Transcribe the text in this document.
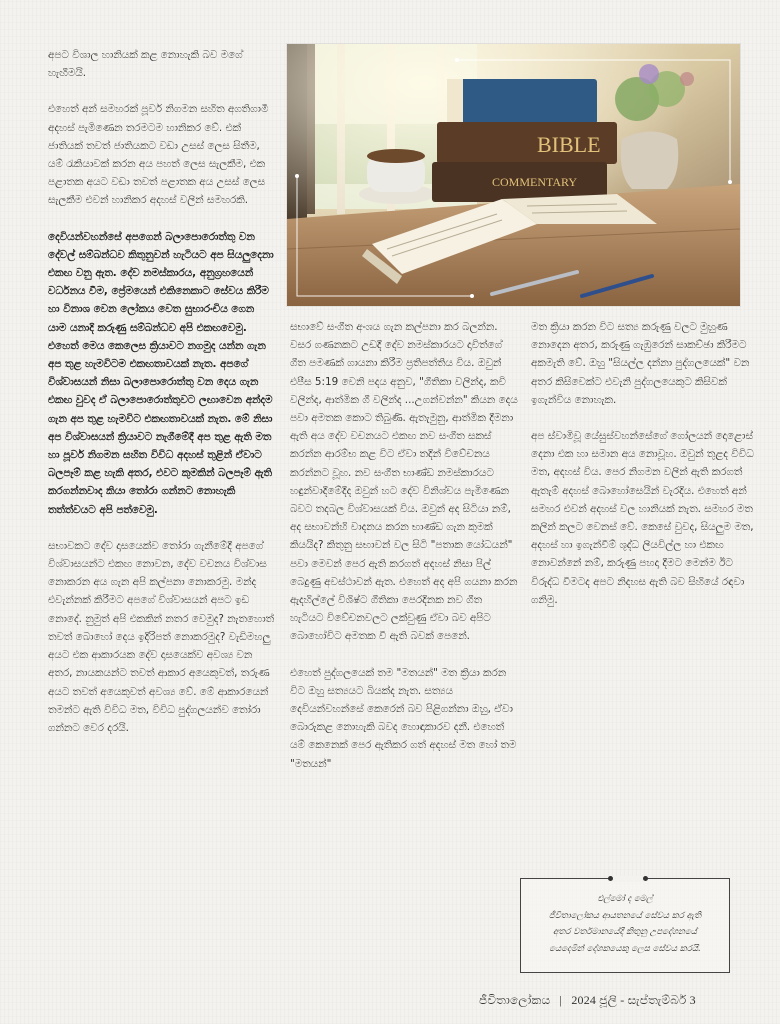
අපට විශාල හානියක් කළ නොහැකි බව මගේ හැඟීමයි.

එහෙත් අන් සමහරක් පූර්ව නිගමන සහිත අගතිගාමී අදහස් පැමිණෙන තරමටම හානිකර වේ. එක් ජාතියක් තවත් ජාතියකට වඩා උසස් ලෙස සිතීම, යම් රැකියාවක් කරන අය පහත් ලෙස සැලකීම, එක පළාතක අයට වඩා තවත් පළාතක අය උසස් ලෙස සැලකීම එවන් හානිකර අදහස් වලින් සමහරකි.

දෙවියන්වහන්සේ අපගෙන් බලාපොරොත්තු වන දේවල් සම්බන්ධව කිතුනුවන් හැටියට අප සියලුදෙනා එකඟ වනු ඇත. දේව නමස්කාරය, අනුග්‍රහයෙන් වර්ධනය වීම, ප්‍රේමයෙන් එකිනෙකාට සේවය කිරීම හා විනාශ වෙන ලෝකය වෙත සුභාරංචිය ගෙන යාම යනාදි කරුණු සම්බන්ධව අපි එකඟවෙමු. එහෙත් මෙය කෙලෙස ක්‍රියාවට නගමුද යන්න ගැන අප තුළ හැමවිටම එකඟතාවයක් නැත. අපගේ විශ්වාසයන් නිසා බලාපොරොත්තු වන දෙය ගැන එකඟ වුවද ඒ බලාපොරොත්තුවට ලඟාවෙන අන්දම ගැන අප තුළ හැමවිට එකඟතාවයක් නැත. මේ නිසා අප විශ්වාසයන් ක්‍රියාවට නැගීමේදී අප තුළ ඇති මත හා පූර්ව නිගමන සහිත විවිධ අදහස් තුළින් ඒවාට බලපෑම් කළ හැකි අතර, එවට කුමකින් බලපෑම් ඇති කරගන්නවාද කියා තෝරා ගන්නට නොහැකි තත්ත්වයට අපි පත්වෙමු.

සභාවකට දේව දාසයෙක්ව තෝරා ගැනීමේදී අපගේ විශ්වාසයන්ට එකඟ නොවන, දේව වචනය විශ්වාස නොකරන අය ගැන අපි කල්පනා නොකරමු. මන්ද එවැන්නක් කිරීමට අපගේ විශ්වාසයන් අපට ඉඩ නොදේ. නුමුත් අපි එකකින් නතර වෙමුද? නැතහොත් තවත් බොහෝ දෙය ඉදිරිපත් නොකරමුද? වැඩිමහලු අයට එක ආකාරයක දේව දාසයෙක්ව අවශ්‍ය වන අතර, නායකයන්ට තවත් ආකාර අයෙකුවත්, තරුණ අයට තවත් අයෙකුවත් අවශ්‍ය වේ. මේ ආකාරයෙන් තමන්ට ඇති විවිධ මත, විවිධ පුද්ගලයන්ව තෝරා ගන්නට වෙර දරයි.

BIBLE
COMMENTARY

සභාවේ සංගීත අංශය ගැන කල්පනා කර බලන්න. වසර ගණනකට උඩදී දේව නමස්කාරයට දාවිත්ගේ ගීත පමණක් ගායනා කිරීම ප්‍රතිපත්තිය විය. ඔවුන් එපීස 5:19 වෙනි පදය අනුව, "ගීතිකා වලින්ද, කවි වලින්ද, ආත්මික ගී වලින්ද ...උගන්වන්න" කියන දෙය පවා අමතක කොට තිබුණි. ඇතැමුනු, ආත්මික දීමනා ඇති අය දේව වචනයට එකඟ නව සංගීත සකස් කරන්න ආරම්භ කළ විට ඒවා තදින් විවේචනය කරන්නට වූහ. නව සංගීත භාණ්ඩ නමස්කාරයට හඳුන්වාදීමේදීද ඔවුන් හට දේව විනිශ්චය පැමිණෙන බවට තදබල විශ්වාසයක් විය. ඔවුන් අද සිටියා නම්, අද සභාවන්හි වාදනය කරන භාණ්ඩ ගැන කුමක් කියයිද? කිතුනු සභාවන් වල සිටි "පතාක යෝධයන්" පවා මෙවන් පෙර ඇති කරගත් අදහස් නිසා පිල් බෙදුණු අවස්ථාවන් ඇත. එහෙත් අද අපි ගයනා කරන ඇදහිල්ලේ විශිෂ්ට ගීතිකා පෙරදිනක නව ගීත හැටියට විවේචනවලට ලක්වුණු ඒවා බව අපිට බොහෝවිට අමතක වී ඇති බවක් පෙනේ.

එහෙත් පුද්ගලයෙක් තම "මතයන්" මත ක්‍රියා කරන විට ඔහු සත්‍යයට බියක්ද නැත. සත්‍යය දෙවියන්වහන්සේ කෙරෙන් බව පිළිගන්නා ඔහු, ඒවා බොරුකළ නොහැකි බවද හොඳාකාරව දනී. එහෙත් යම් කෙනෙක් පෙර ඇතිකර ගත් අදහස් මත හෝ තම "මතයන්"

මත ක්‍රියා කරන විට සත්‍ය කරුණු වලට මුහුණ නොදෙන අතර, කරුණු ගැඹුරෙන් සාකච්ඡා කිරීමට අකමැති වේ. ඔහු "සියල්ල දන්නා පුද්ගලයෙක්" වන අතර කිසිවෙක්ට එවැනි පුද්ගලයෙකුට කිසිවක් ඉගැන්විය නොහැක.

අප ස්වාමිවූ යේසුස්වහන්සේගේ ගෝලයන් දොළොස් දෙනා එක හා සමාන අය නොවූහ. ඔවුන් තුළද විවිධ මත, අදහස් විය. පෙර නිගමන වලින් ඇති කරගත් ඇතැම් අදහස් බොහෝසෙයින් වැරදිය. එහෙත් අන් සමහර එවන් අදහස් වල හානියක් නැත. සමහර මත කලින් කලට වෙනස් වේ. කෙසේ වුවද, සියලුම මත, අදහස් හා ඉගැන්වීම් ශුද්ධ ලියවිල්ල හා එකඟ නොවන්නේ නම්, කරුණු පහදා දීමට මෙන්ම ඊට විරුද්ධ වීමටද අපට නිදහස ඇති බව සිහියේ රඳවා ගනිමු.

එල්මෝ ද මෙල්
ජීවිතාලෝකය ආයතනයේ සේවය කර ඇති
අතර වර්තමානයේදී කිතුනු උපදේශනයේ
යෙදෙමින් දේශකයෙකු ලෙස සේවය කරයි.
ජීවිතාලෝකය | 2024 ජූලි - සැප්තැම්බර් 3
